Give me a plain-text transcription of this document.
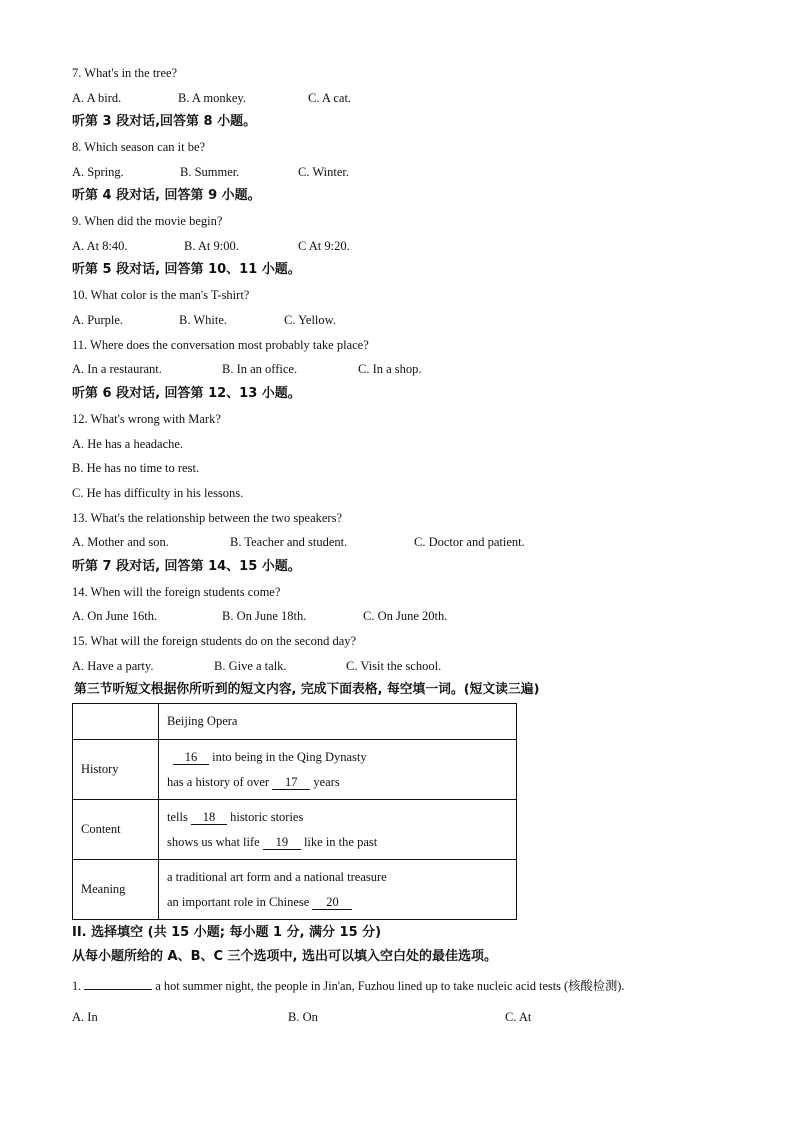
7. What's in the tree?
A. A bird.	B. A monkey.	C. A cat.
听第 3 段对话,回答第 8 小题。
8. Which season can it be?
A. Spring.	B. Summer.	C. Winter.
听第 4 段对话, 回答第 9 小题。
9. When did the movie begin?
A. At 8:40.	B. At 9:00.	C At 9:20.
听第 5 段对话, 回答第 10、11 小题。
10. What color is the man's T-shirt?
A. Purple.	B. White.	C. Yellow.
11. Where does the conversation most probably take place?
A. In a restaurant.	B. In an office.	C. In a shop.
听第 6 段对话, 回答第 12、13 小题。
12. What's wrong with Mark?
A. He has a headache.
B. He has no time to rest.
C. He has difficulty in his lessons.
13. What's the relationship between the two speakers?
A. Mother and son.	B. Teacher and student.	C. Doctor and patient.
听第 7 段对话, 回答第 14、15 小题。
14. When will the foreign students come?
A. On June 16th.	B. On June 18th.	C. On June 20th.
15. What will the foreign students do on the second day?
A. Have a party.	B. Give a talk.	C. Visit the school.
第三节听短文根据你所听到的短文内容, 完成下面表格, 每空填一词。(短文读三遍)
	Beijing Opera
History	16 into being in the Qing Dynasty
has a history of over 17 years

Content	tells 18 historic stories
shows us what life 19 like in the past

Meaning	a traditional art form and a national treasure
an important role in Chinese 20
II. 选择填空 (共 15 小题; 每小题 1 分, 满分 15 分)
从每小题所给的 A、B、C 三个选项中, 选出可以填入空白处的最佳选项。
1.	a hot summer night, the people in Jin'an, Fuzhou lined up to take nucleic acid tests (核酸检测).
A. In	B. On	C. At
